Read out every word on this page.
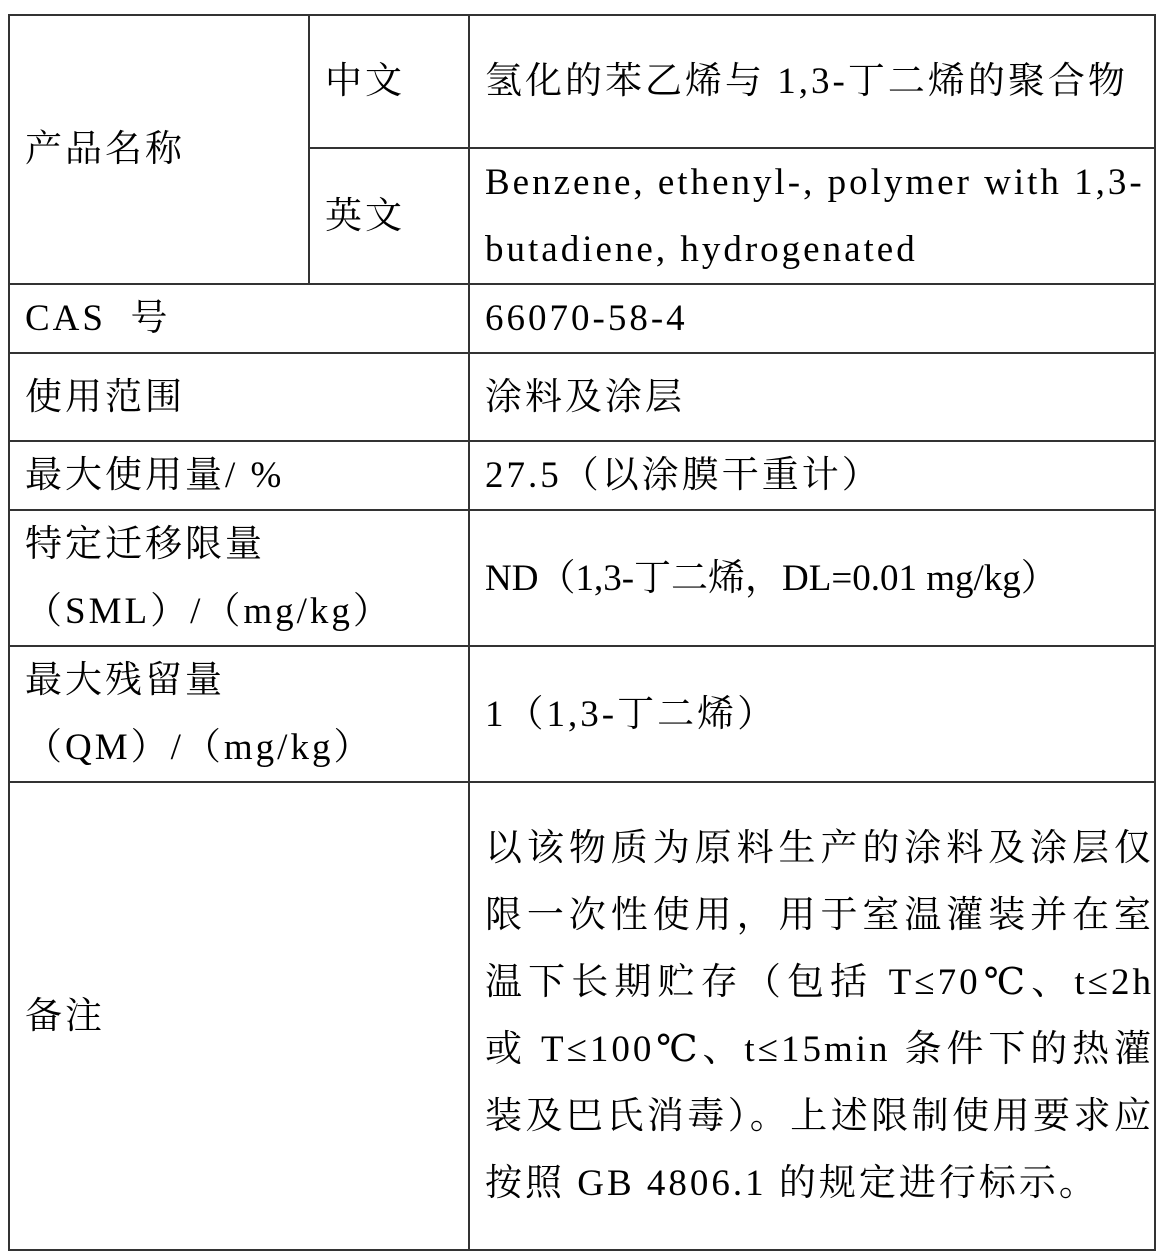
产品名称	中文	氢化的苯乙烯与 1,3-丁二烯的聚合物
	英文	Benzene, ethenyl-, polymer with 1,3-butadiene, hydrogenated
CAS  号		66070-58-4
使用范围		涂料及涂层
最大使用量/ %		27.5（以涂膜干重计）

特定迁移限量
（SML）/（mg/kg）		ND（1,3-丁二烯，DL=0.01 mg/kg）

最大残留量
（QM）/（mg/kg）		1（1,3-丁二烯）
备注		以该物质为原料生产的涂料及涂层仅限一次性使用，用于室温灌装并在室温下长期贮存（包括 T≤70℃、t≤2h 或 T≤100℃、t≤15min 条件下的热灌装及巴氏消毒）。上述限制使用要求应按照 GB 4806.1 的规定进行标示。
